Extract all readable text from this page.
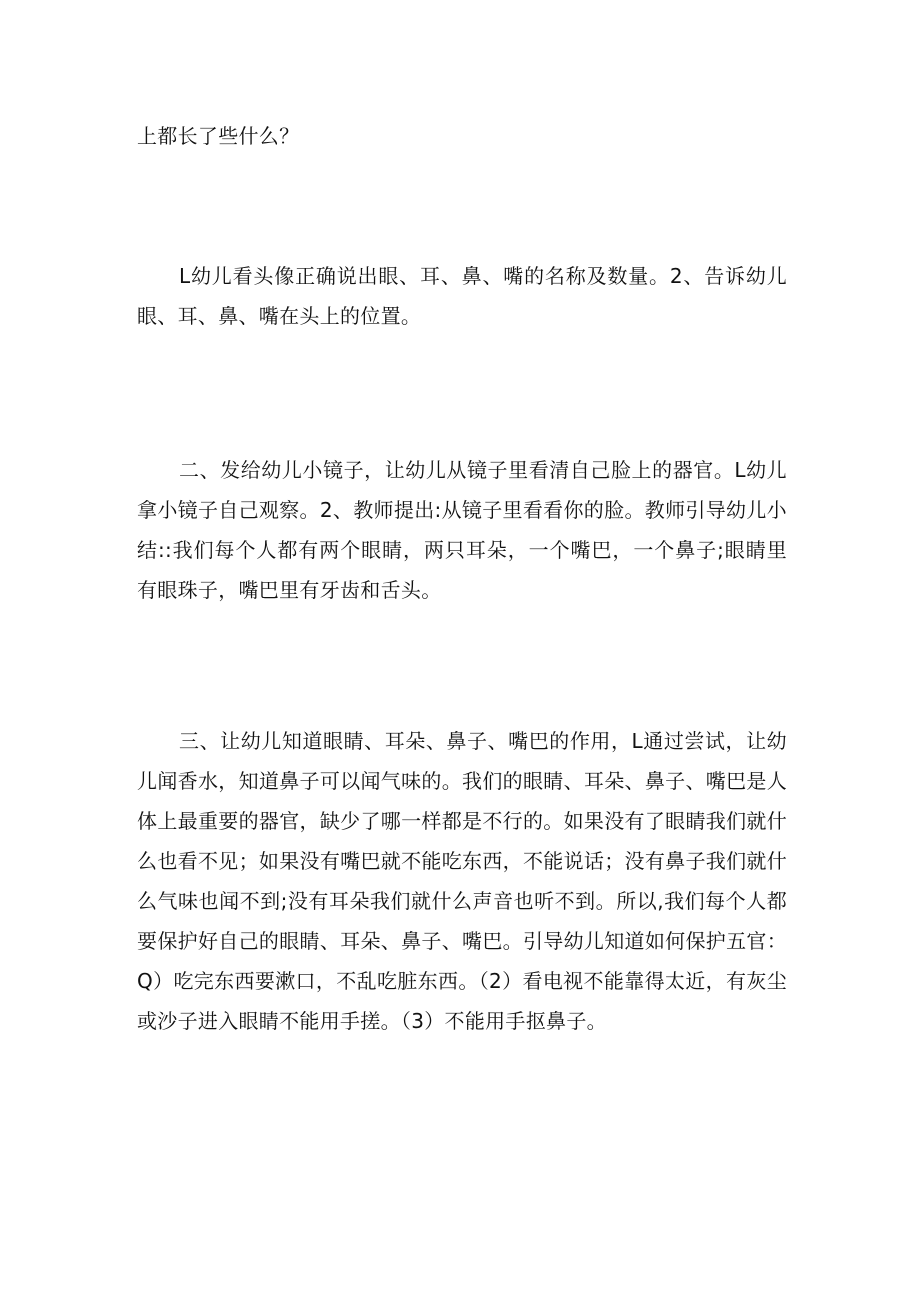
上都长了些什么？

L幼儿看头像正确说出眼、耳、鼻、嘴的名称及数量。2、告诉幼儿眼、耳、鼻、嘴在头上的位置。

二、发给幼儿小镜子，让幼儿从镜子里看清自己脸上的器官。L幼儿拿小镜子自己观察。2、教师提出:从镜子里看看你的脸。教师引导幼儿小结::我们每个人都有两个眼睛，两只耳朵，一个嘴巴，一个鼻子;眼睛里有眼珠子，嘴巴里有牙齿和舌头。

三、让幼儿知道眼睛、耳朵、鼻子、嘴巴的作用，L通过尝试，让幼儿闻香水，知道鼻子可以闻气味的。我们的眼睛、耳朵、鼻子、嘴巴是人体上最重要的器官，缺少了哪一样都是不行的。如果没有了眼睛我们就什么也看不见；如果没有嘴巴就不能吃东西，不能说话；没有鼻子我们就什么气味也闻不到;没有耳朵我们就什么声音也听不到。所以,我们每个人都要保护好自己的眼睛、耳朵、鼻子、嘴巴。引导幼儿知道如何保护五官：Q）吃完东西要漱口，不乱吃脏东西。（2）看电视不能靠得太近，有灰尘或沙子进入眼睛不能用手搓。（3）不能用手抠鼻子。
